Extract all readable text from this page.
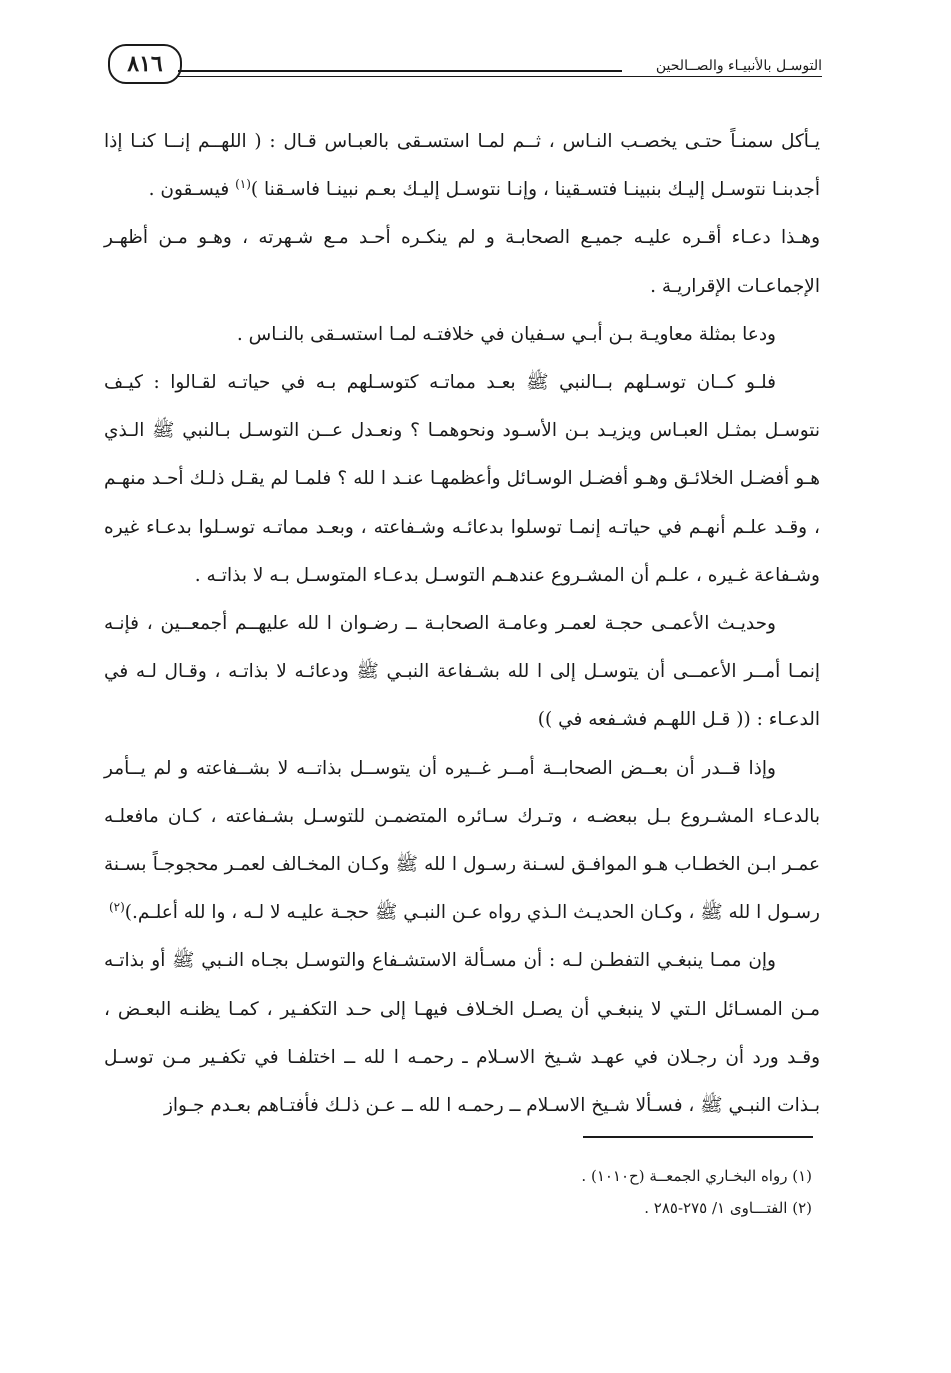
٨١٦	التوسـل بالأنبيـاء والصــالحين

يـأكل سمنـاً حتـى يخصـب النـاس ، ثــم لمـا استسـقى بالعبـاس قـال : ( اللهــم إنــا كنـا إذا أجدبنـا نتوسـل إليـك بنبينـا فتسـقينا ، وإنـا نتوسـل إليـك بعـم نبينـا فاسـقنا )$^{(١)}$ فيسـقون .

وهـذا دعـاء أقـره عليـه جميـع الصحابـة و لم ينكـره أحـد مـع شـهرته ، وهـو مـن أظهـر الإجماعـات الإقراريـة .

ودعا بمثلة معاويـة بـن أبـي سـفيان في خلافتـه لمـا استسـقى بالنـاس .

فلـو كــان توسـلهم بــالنبي ﷺ بعـد مماتـه كتوسـلهم بـه في حياتـه لقـالوا : كيـف نتوسـل بمثـل العبـاس ويزيـد بـن الأسـود ونحوهمـا ؟ ونعـدل عــن التوسـل بـالنبي ﷺ الـذي هـو أفضـل الخلائـق وهـو أفضـل الوسـائل وأعظمهـا عنـد ا لله ؟ فلمـا لم يقـل ذلـك أحـد منهـم ، وقـد علـم أنهـم في حياتـه إنمـا توسلوا بدعائـه وشـفاعته ، وبعـد مماتـه توسـلوا بدعـاء غيره وشـفاعة غـيره ، علـم أن المشـروع عندهـم التوسـل بدعـاء المتوسـل بـه لا بذاتـه .

وحديـث الأعمـى حجـة لعمـر وعامـة الصحابـة ــ رضـوان ا لله عليهــم أجمعــين ، فإنـه إنمـا أمــر الأعمــى أن يتوسـل إلى ا لله بشـفاعة النبـي ﷺ ودعائـه لا بذاتـه ، وقـال لـه في الدعـاء : (( قـل اللهـم فشـفعه في ))

وإذا قــدر أن بعــض الصحابــة أمــر غــيره أن يتوســل بذاتــه لا بشــفاعته و لم يــأمر بالدعـاء المشـروع بـل ببعضـه ، وتـرك سـائره المتضمـن للتوسـل بشـفاعته ، كـان مافعلـه عمـر ابـن الخطـاب هـو الموافـق لسـنة رسـول ا لله ﷺ وكـان المخـالف لعمـر محجوجـاً بسـنة رسـول ا لله ﷺ ، وكـان الحديـث الـذي رواه عـن النبـي ﷺ حجـة عليـه لا لـه ، وا لله أعلـم.)$^{(٢)}$

وإن ممـا ينبغـي التفطـن لـه : أن مسـألة الاستشـفاع والتوسـل بجـاه النـبي ﷺ أو بذاتـه مـن المسـائل الـتي لا ينبغـي أن يصـل الخـلاف فيهـا إلى حـد التكفـير ، كمـا يظنـه البعـض ، وقـد ورد أن رجـلان في عهـد شـيخ الاسـلام ـ رحمـه ا لله ــ اختلفـا في تكفـير مـن توسـل بـذات النبـي ﷺ ، فسـألا شـيخ الاسـلام ــ رحمـه ا لله ــ عـن ذلـك فأفتـاهم بعـدم جـواز

(١) رواه البخـاري الجمعــة (ح١٠١٠) .
(٢) الفتـــاوى ١/ ٢٧٥-٢٨٥ .
